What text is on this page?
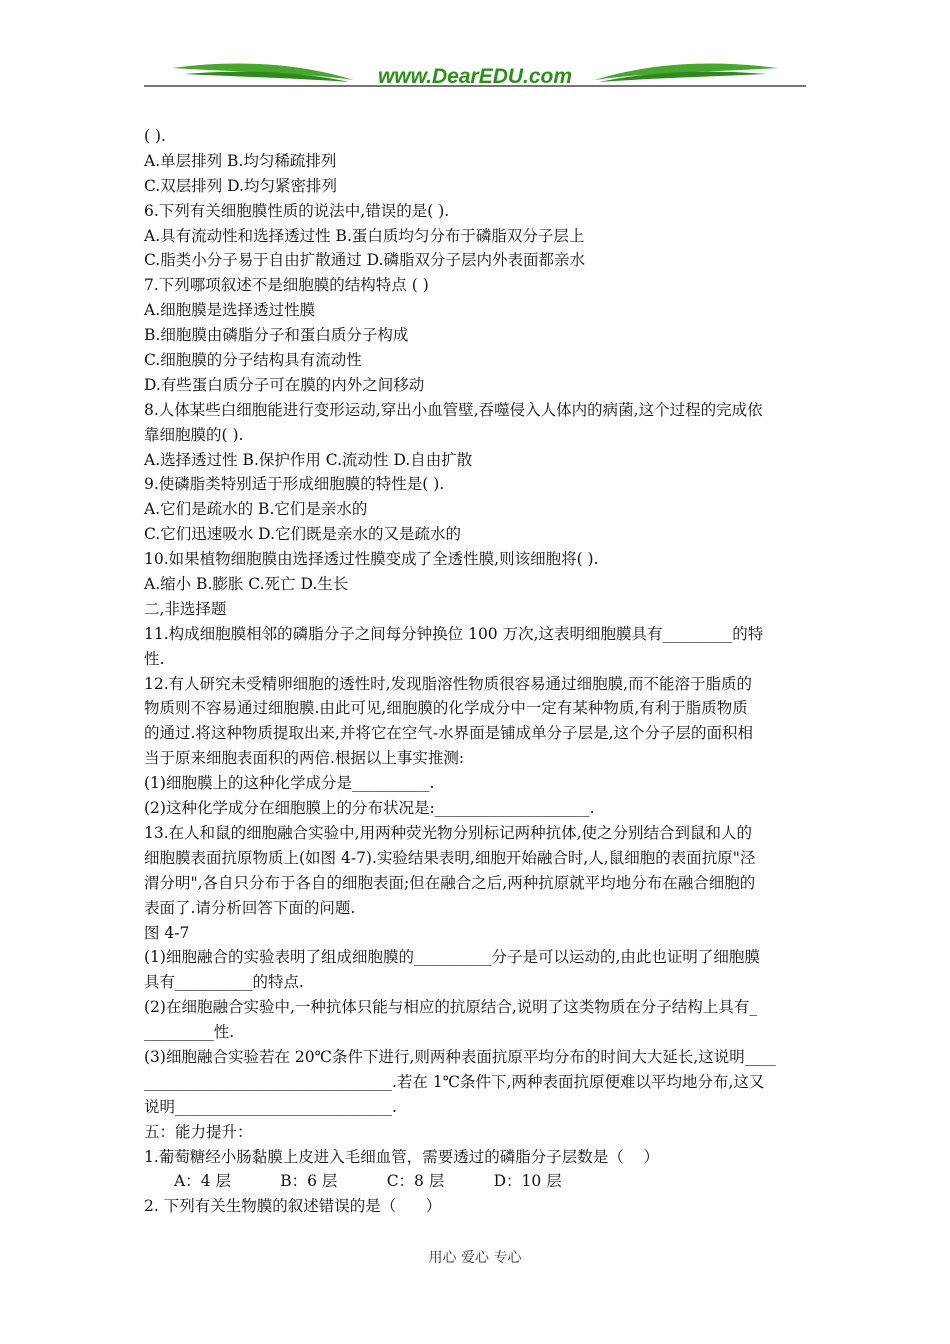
www.DearEDU.com
( ).
A.单层排列 B.均匀稀疏排列
C.双层排列 D.均匀紧密排列
6.下列有关细胞膜性质的说法中,错误的是( ).
A.具有流动性和选择透过性 B.蛋白质均匀分布于磷脂双分子层上
C.脂类小分子易于自由扩散通过 D.磷脂双分子层内外表面都亲水
7.下列哪项叙述不是细胞膜的结构特点 ( )
A.细胞膜是选择透过性膜
B.细胞膜由磷脂分子和蛋白质分子构成
C.细胞膜的分子结构具有流动性
D.有些蛋白质分子可在膜的内外之间移动
8.人体某些白细胞能进行变形运动,穿出小血管壁,吞噬侵入人体内的病菌,这个过程的完成依
靠细胞膜的( ).
A.选择透过性 B.保护作用 C.流动性 D.自由扩散
9.使磷脂类特别适于形成细胞膜的特性是( ).
A.它们是疏水的 B.它们是亲水的
C.它们迅速吸水 D.它们既是亲水的又是疏水的
10.如果植物细胞膜由选择透过性膜变成了全透性膜,则该细胞将( ).
A.缩小 B.膨胀 C.死亡 D.生长
二,非选择题
11.构成细胞膜相邻的磷脂分子之间每分钟换位 100 万次,这表明细胞膜具有_________的特
性.
12.有人研究未受精卵细胞的透性时,发现脂溶性物质很容易通过细胞膜,而不能溶于脂质的
物质则不容易通过细胞膜.由此可见,细胞膜的化学成分中一定有某种物质,有利于脂质物质
的通过.将这种物质提取出来,并将它在空气-水界面是铺成单分子层是,这个分子层的面积相
当于原来细胞表面积的两倍.根据以上事实推测:
(1)细胞膜上的这种化学成分是__________.
(2)这种化学成分在细胞膜上的分布状况是:____________________.
13.在人和鼠的细胞融合实验中,用两种荧光物分别标记两种抗体,使之分别结合到鼠和人的
细胞膜表面抗原物质上(如图 4-7).实验结果表明,细胞开始融合时,人,鼠细胞的表面抗原"泾
渭分明",各自只分布于各自的细胞表面;但在融合之后,两种抗原就平均地分布在融合细胞的
表面了.请分析回答下面的问题.
图 4-7
(1)细胞融合的实验表明了组成细胞膜的__________分子是可以运动的,由此也证明了细胞膜
具有__________的特点.
(2)在细胞融合实验中,一种抗体只能与相应的抗原结合,说明了这类物质在分子结构上具有_
_________性.
(3)细胞融合实验若在 20℃条件下进行,则两种表面抗原平均分布的时间大大延长,这说明____
________________________________.若在 1℃条件下,两种表面抗原便难以平均地分布,这又
说明____________________________.
五：能力提升：
1.葡萄糖经小肠黏膜上皮进入毛细血管，需要透过的磷脂分子层数是（    ）
A：4 层          B：6 层          C：8 层          D：10 层
2. 下列有关生物膜的叙述错误的是（      ）
用心 爱心 专心
